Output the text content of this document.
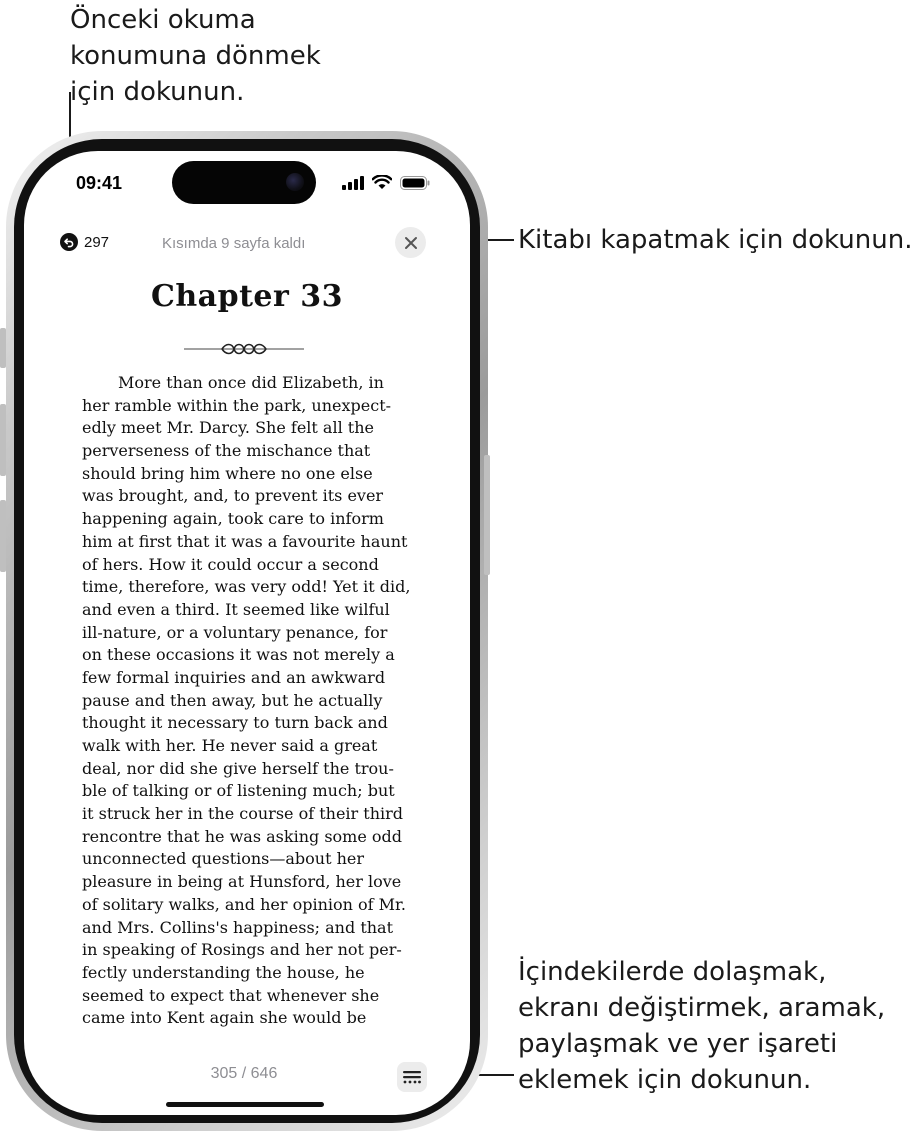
Önceki okuma
konumuna dönmek
için dokunun.
Kitabı kapatmak için dokunun.
İçindekilerde dolaşmak,
ekranı değiştirmek, aramak,
paylaşmak ve yer işareti
eklemek için dokunun.
09:41
297	Kısımda 9 sayfa kaldı
Chapter 33
More than once did Elizabeth, in
her ramble within the park, unexpect-
edly meet Mr. Darcy. She felt all the
perverseness of the mischance that
should bring him where no one else
was brought, and, to prevent its ever
happening again, took care to inform
him at first that it was a favourite haunt
of hers. How it could occur a second
time, therefore, was very odd! Yet it did,
and even a third. It seemed like wilful
ill-nature, or a voluntary penance, for
on these occasions it was not merely a
few formal inquiries and an awkward
pause and then away, but he actually
thought it necessary to turn back and
walk with her. He never said a great
deal, nor did she give herself the trou-
ble of talking or of listening much; but
it struck her in the course of their third
rencontre that he was asking some odd
unconnected questions—about her
pleasure in being at Hunsford, her love
of solitary walks, and her opinion of Mr.
and Mrs. Collins's happiness; and that
in speaking of Rosings and her not per-
fectly understanding the house, he
seemed to expect that whenever she
came into Kent again she would be
305 / 646
